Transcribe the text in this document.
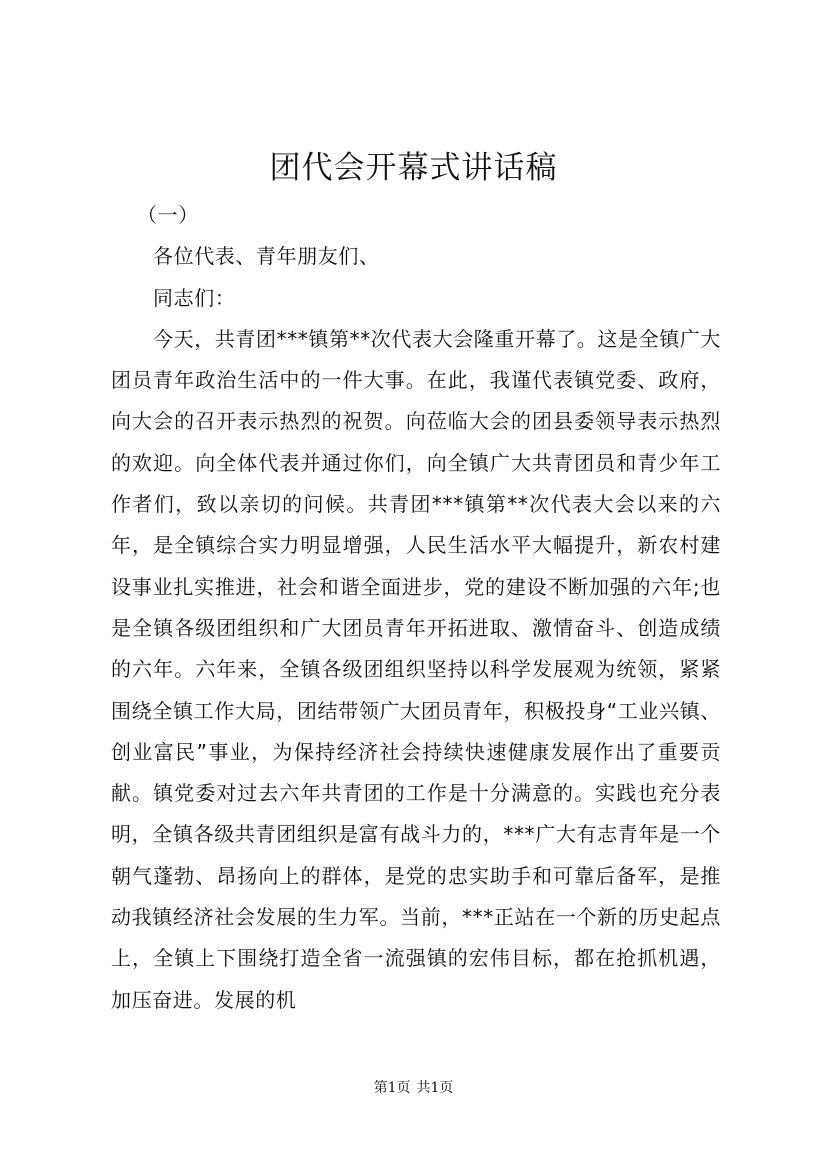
团代会开幕式讲话稿

（一）

各位代表、青年朋友们、

同志们：

今天，共青团***镇第**次代表大会隆重开幕了。这是全镇广大团员青年政治生活中的一件大事。在此，我谨代表镇党委、政府，向大会的召开表示热烈的祝贺。向莅临大会的团县委领导表示热烈的欢迎。向全体代表并通过你们，向全镇广大共青团员和青少年工作者们，致以亲切的问候。共青团***镇第**次代表大会以来的六年，是全镇综合实力明显增强，人民生活水平大幅提升，新农村建设事业扎实推进，社会和谐全面进步，党的建设不断加强的六年;也是全镇各级团组织和广大团员青年开拓进取、激情奋斗、创造成绩的六年。六年来，全镇各级团组织坚持以科学发展观为统领，紧紧围绕全镇工作大局，团结带领广大团员青年，积极投身“工业兴镇、创业富民”事业，为保持经济社会持续快速健康发展作出了重要贡献。镇党委对过去六年共青团的工作是十分满意的。实践也充分表明，全镇各级共青团组织是富有战斗力的，***广大有志青年是一个朝气蓬勃、昂扬向上的群体，是党的忠实助手和可靠后备军，是推动我镇经济社会发展的生力军。当前，***正站在一个新的历史起点上，全镇上下围绕打造全省一流强镇的宏伟目标，都在抢抓机遇，加压奋进。发展的机

第1页 共1页
